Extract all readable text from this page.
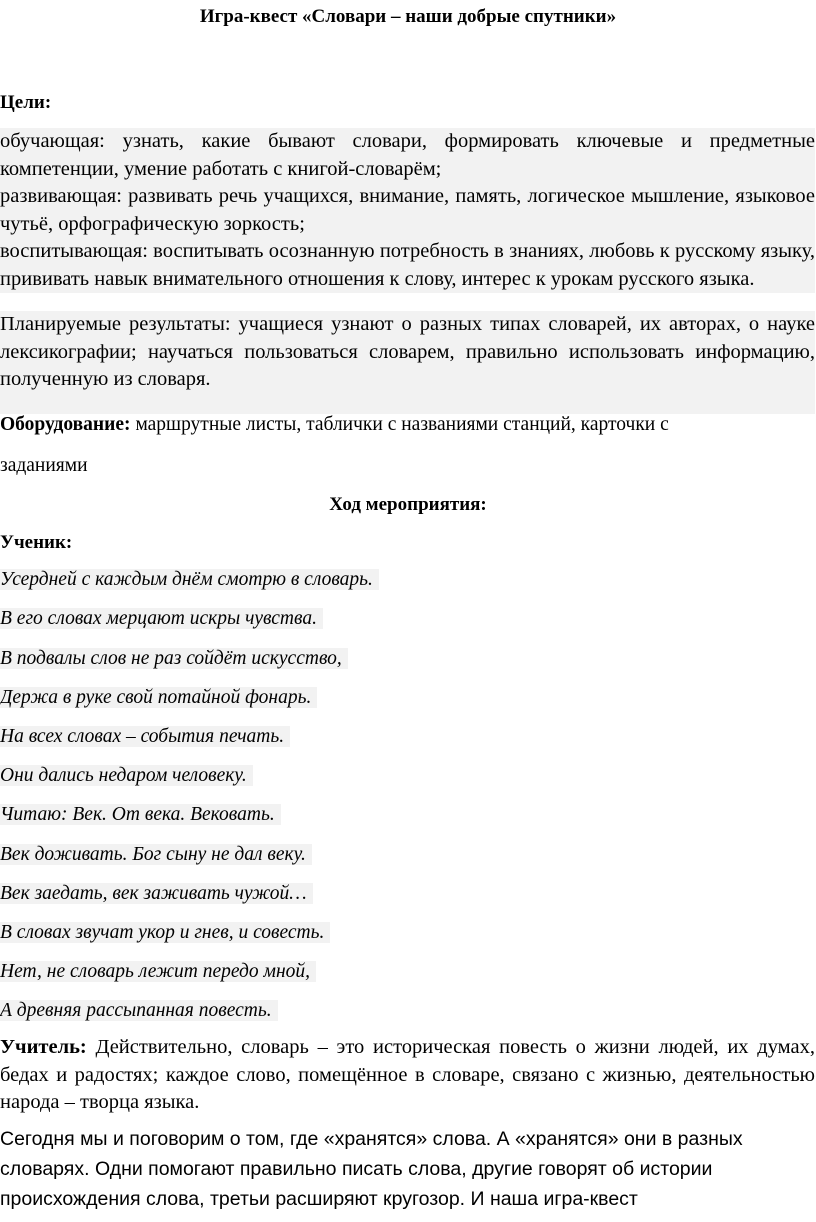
Игра-квест «Словари – наши добрые спутники»
Цели:
обучающая: узнать, какие бывают словари, формировать ключевые и предметные компетенции, умение работать с книгой-словарём;
развивающая: развивать речь учащихся, внимание, память, логическое мышление, языковое чутьё, орфографическую зоркость;
воспитывающая: воспитывать осознанную потребность в знаниях, любовь к русскому языку, прививать навык внимательного отношения к слову, интерес к урокам русского языка.
Планируемые результаты: учащиеся узнают о разных типах словарей, их авторах, о науке лексикографии; научаться пользоваться словарем, правильно использовать информацию, полученную из словаря.
Оборудование: маршрутные листы, таблички с названиями станций, карточки с
заданиями
Ход мероприятия:
Ученик:
Усердней с каждым днём смотрю в словарь.
В его словах мерцают искры чувства.
В подвалы слов не раз сойдёт искусство,
Держа в руке свой потайной фонарь.
На всех словах – события печать.
Они дались недаром человеку.
Читаю: Век. От века. Вековать.
Век доживать. Бог сыну не дал веку.
Век заедать, век заживать чужой…
В словах звучат укор и гнев, и совесть.
Нет, не словарь лежит передо мной,
А древняя рассыпанная повесть.
Учитель: Действительно, словарь – это историческая повесть о жизни людей, их думах, бедах и радостях; каждое слово, помещённое в словаре, связано с жизнью, деятельностью народа – творца языка.
Сегодня мы и поговорим о том, где «хранятся» слова. А «хранятся» они в разных
словарях. Одни помогают правильно писать слова, другие говорят об истории
происхождения слова, третьи расширяют кругозор. И наша игра-квест
